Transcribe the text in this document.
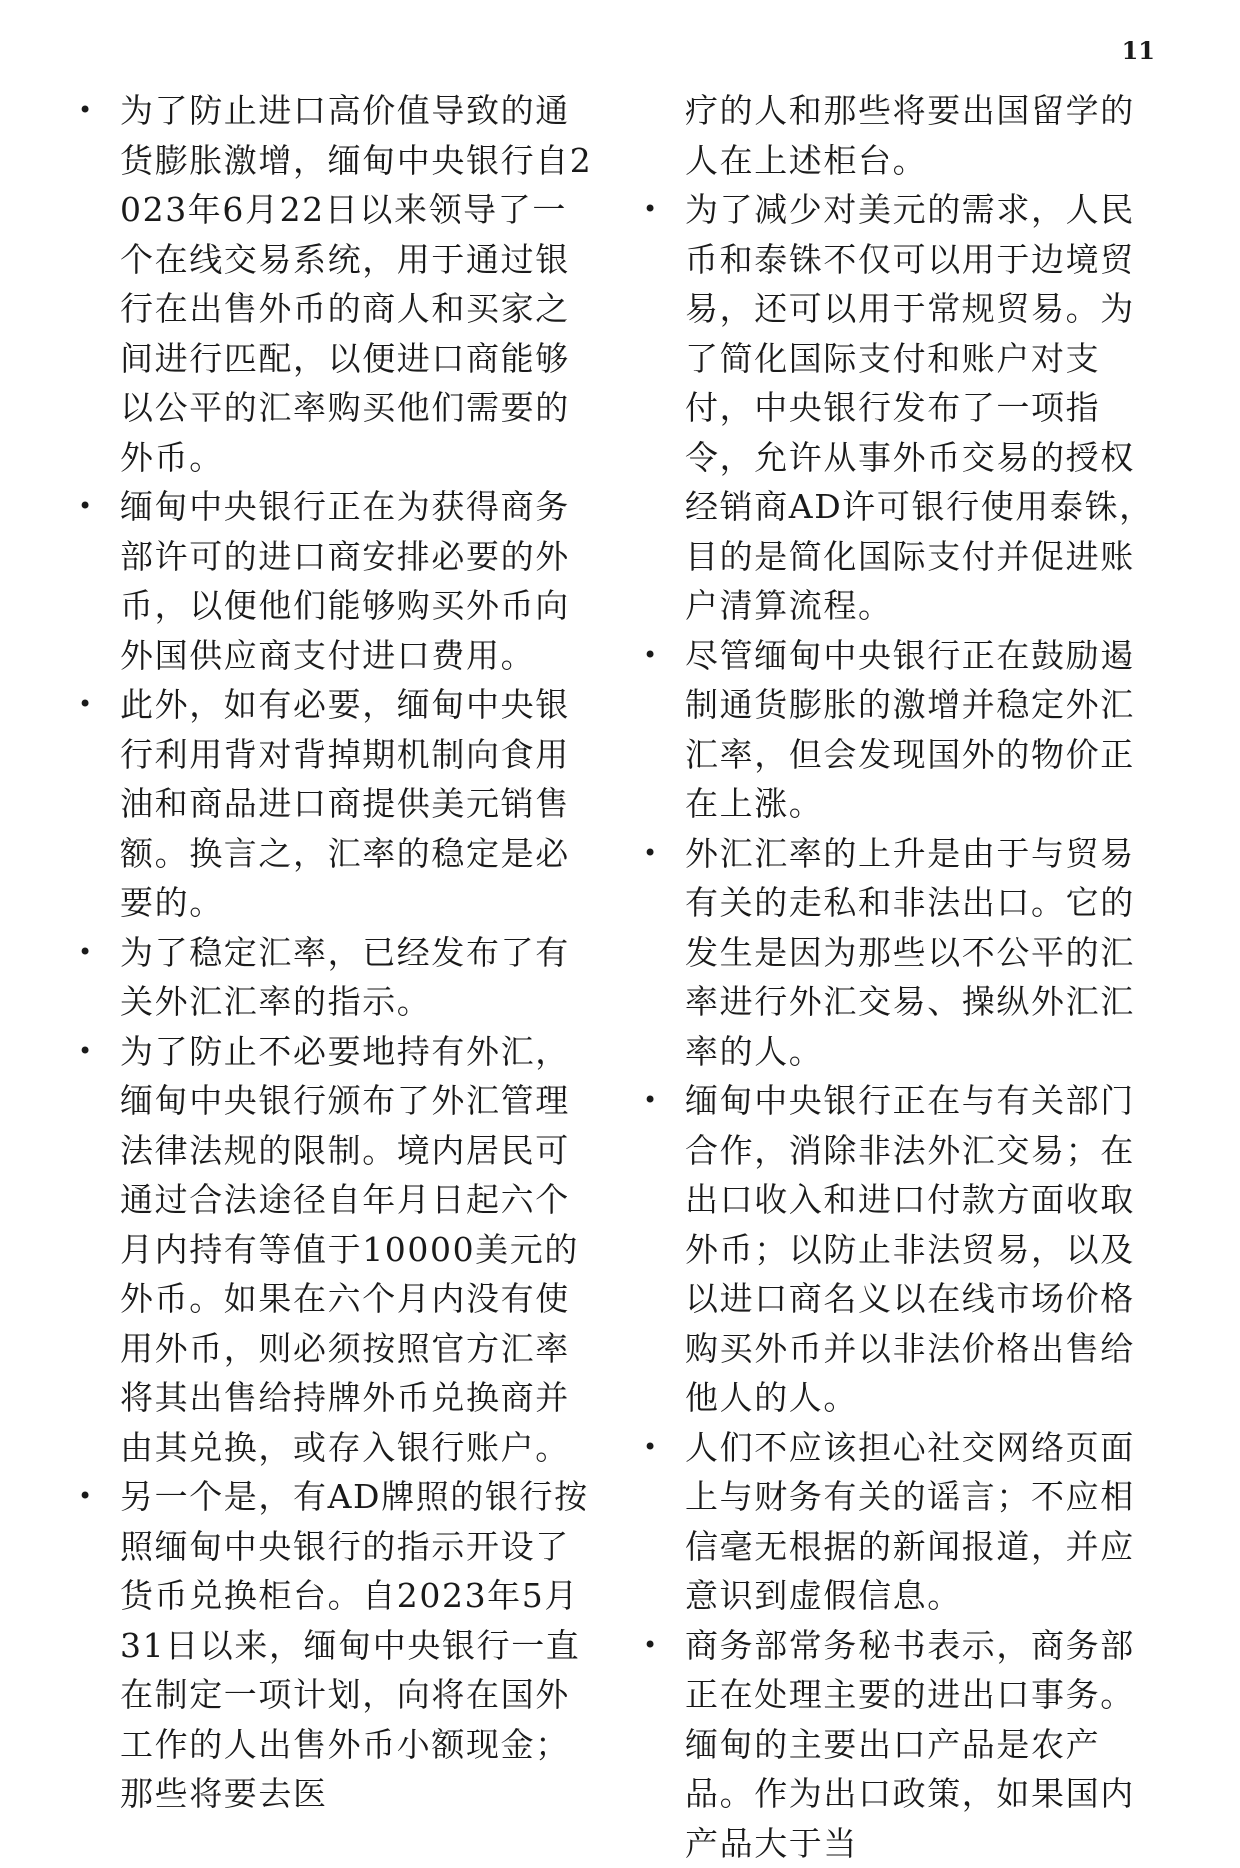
11
• 为了防止进口高价值导致的通货膨胀激增，缅甸中央银行自2023年6月22日以来领导了一个在线交易系统，用于通过银行在出售外币的商人和买家之间进行匹配，以便进口商能够以公平的汇率购买他们需要的外币。
• 缅甸中央银行正在为获得商务部许可的进口商安排必要的外币，以便他们能够购买外币向外国供应商支付进口费用。
• 此外，如有必要，缅甸中央银行利用背对背掉期机制向食用油和商品进口商提供美元销售额。换言之，汇率的稳定是必要的。
• 为了稳定汇率，已经发布了有关外汇汇率的指示。
• 为了防止不必要地持有外汇，缅甸中央银行颁布了外汇管理法律法规的限制。境内居民可通过合法途径自年月日起六个月内持有等值于10000美元的外币。如果在六个月内没有使用外币，则必须按照官方汇率将其出售给持牌外币兑换商并由其兑换，或存入银行账户。
• 另一个是，有AD牌照的银行按照缅甸中央银行的指示开设了货币兑换柜台。自2023年5月31日以来，缅甸中央银行一直在制定一项计划，向将在国外工作的人出售外币小额现金；那些将要去医
疗的人和那些将要出国留学的人在上述柜台。
• 为了减少对美元的需求，人民币和泰铢不仅可以用于边境贸易，还可以用于常规贸易。为了简化国际支付和账户对支付，中央银行发布了一项指令，允许从事外币交易的授权经销商AD许可银行使用泰铢，目的是简化国际支付并促进账户清算流程。
• 尽管缅甸中央银行正在鼓励遏制通货膨胀的激增并稳定外汇汇率，但会发现国外的物价正在上涨。
• 外汇汇率的上升是由于与贸易有关的走私和非法出口。它的发生是因为那些以不公平的汇率进行外汇交易、操纵外汇汇率的人。
• 缅甸中央银行正在与有关部门合作，消除非法外汇交易；在出口收入和进口付款方面收取外币；以防止非法贸易，以及以进口商名义以在线市场价格购买外币并以非法价格出售给他人的人。
• 人们不应该担心社交网络页面上与财务有关的谣言；不应相信毫无根据的新闻报道，并应意识到虚假信息。
• 商务部常务秘书表示，商务部正在处理主要的进出口事务。缅甸的主要出口产品是农产品。作为出口政策，如果国内产品大于当
